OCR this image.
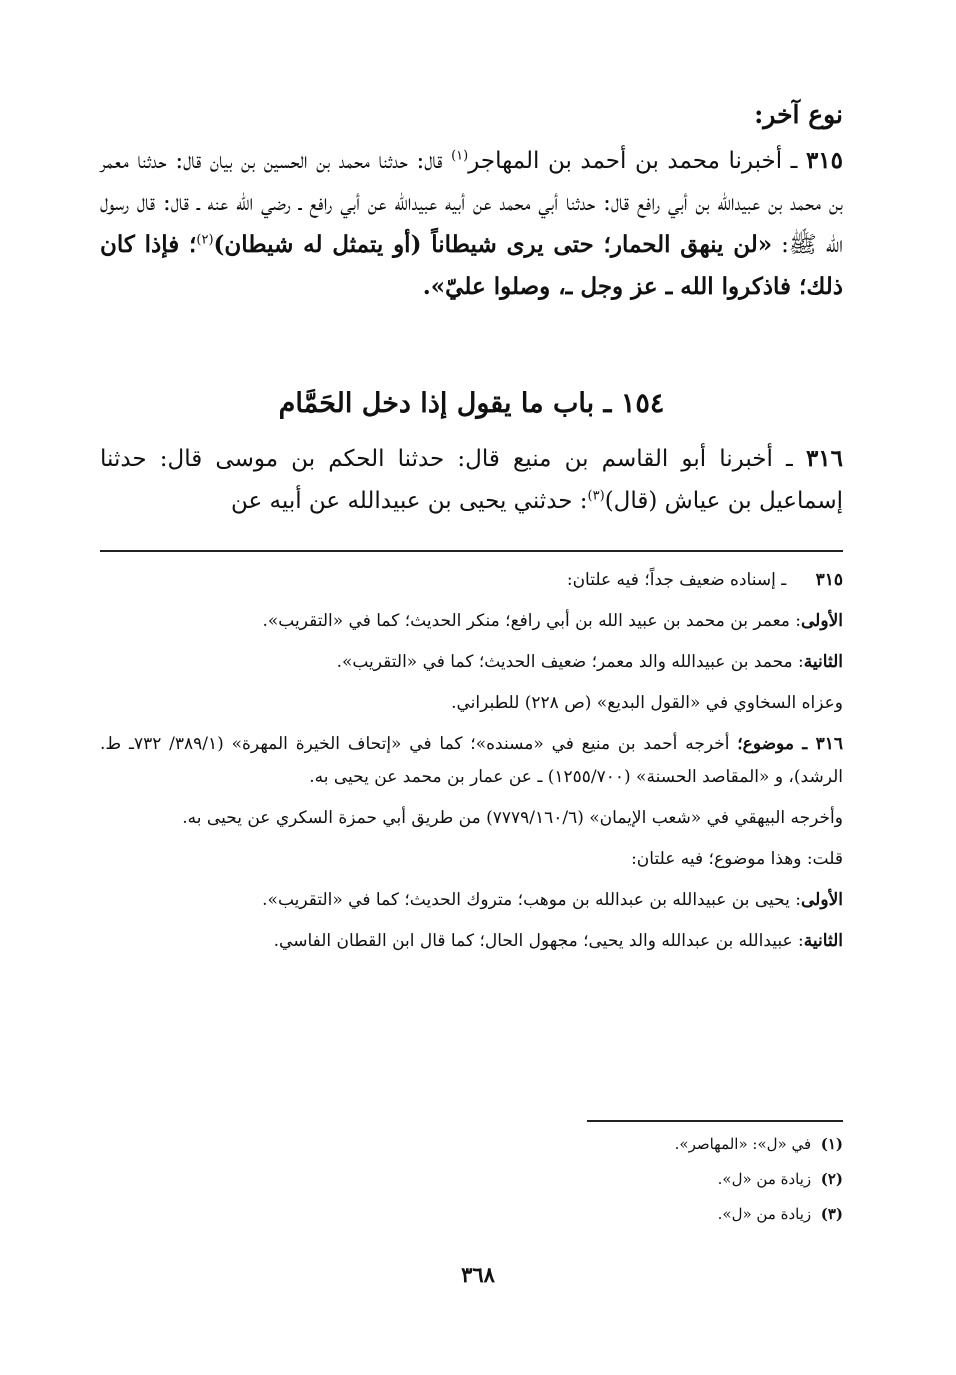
نوع آخر:
٣١٥ ـ أخبرنا محمد بن أحمد بن المهاجر$^{(١)}$ قال: حدثنا محمد بن الحسين بن بيان قال: حدثنا معمر بن محمد بن عبيدالله بن أبي رافع قال: حدثنا أبي محمد عن أبيه عبيدالله عن أبي رافع ـ رضي الله عنه ـ قال: قال رسول الله ﷺ: «لن ينهق الحمار؛ حتى يرى شيطاناً (أو يتمثل له شيطان)$^{(٢)}$؛ فإذا كان ذلك؛ فاذكروا الله ـ عز وجل ـ، وصلوا عليّ».
١٥٤ ـ باب ما يقول إذا دخل الحَمَّام
٣١٦ ـ أخبرنا أبو القاسم بن منيع قال: حدثنا الحكم بن موسى قال: حدثنا إسماعيل بن عياش (قال)$^{(٣)}$: حدثني يحيى بن عبيدالله عن أبيه عن

٣١٥ ـ إسناده ضعيف جداً؛ فيه علتان:

الأولى: معمر بن محمد بن عبيد الله بن أبي رافع؛ منكر الحديث؛ كما في «التقريب».

الثانية: محمد بن عبيدالله والد معمر؛ ضعيف الحديث؛ كما في «التقريب».

وعزاه السخاوي في «القول البديع» (ص ٢٢٨) للطبراني.

٣١٦ ـ موضوع؛ أخرجه أحمد بن منيع في «مسنده»؛ كما في «إتحاف الخيرة المهرة» (٣٨٩/١/ ٧٣٢ـ ط. الرشد)، و «المقاصد الحسنة» (١٢٥٥/٧٠٠) ـ عن عمار بن محمد عن يحيى به.

وأخرجه البيهقي في «شعب الإيمان» (٧٧٧٩/١٦٠/٦) من طريق أبي حمزة السكري عن يحيى به.

قلت: وهذا موضوع؛ فيه علتان:

الأولى: يحيى بن عبيدالله بن عبدالله بن موهب؛ متروك الحديث؛ كما في «التقريب».

الثانية: عبيدالله بن عبدالله والد يحيى؛ مجهول الحال؛ كما قال ابن القطان الفاسي.

(١)  في «ل»: «المهاصر».
(٢)  زيادة من «ل».
(٣)  زيادة من «ل».
٣٦٨
